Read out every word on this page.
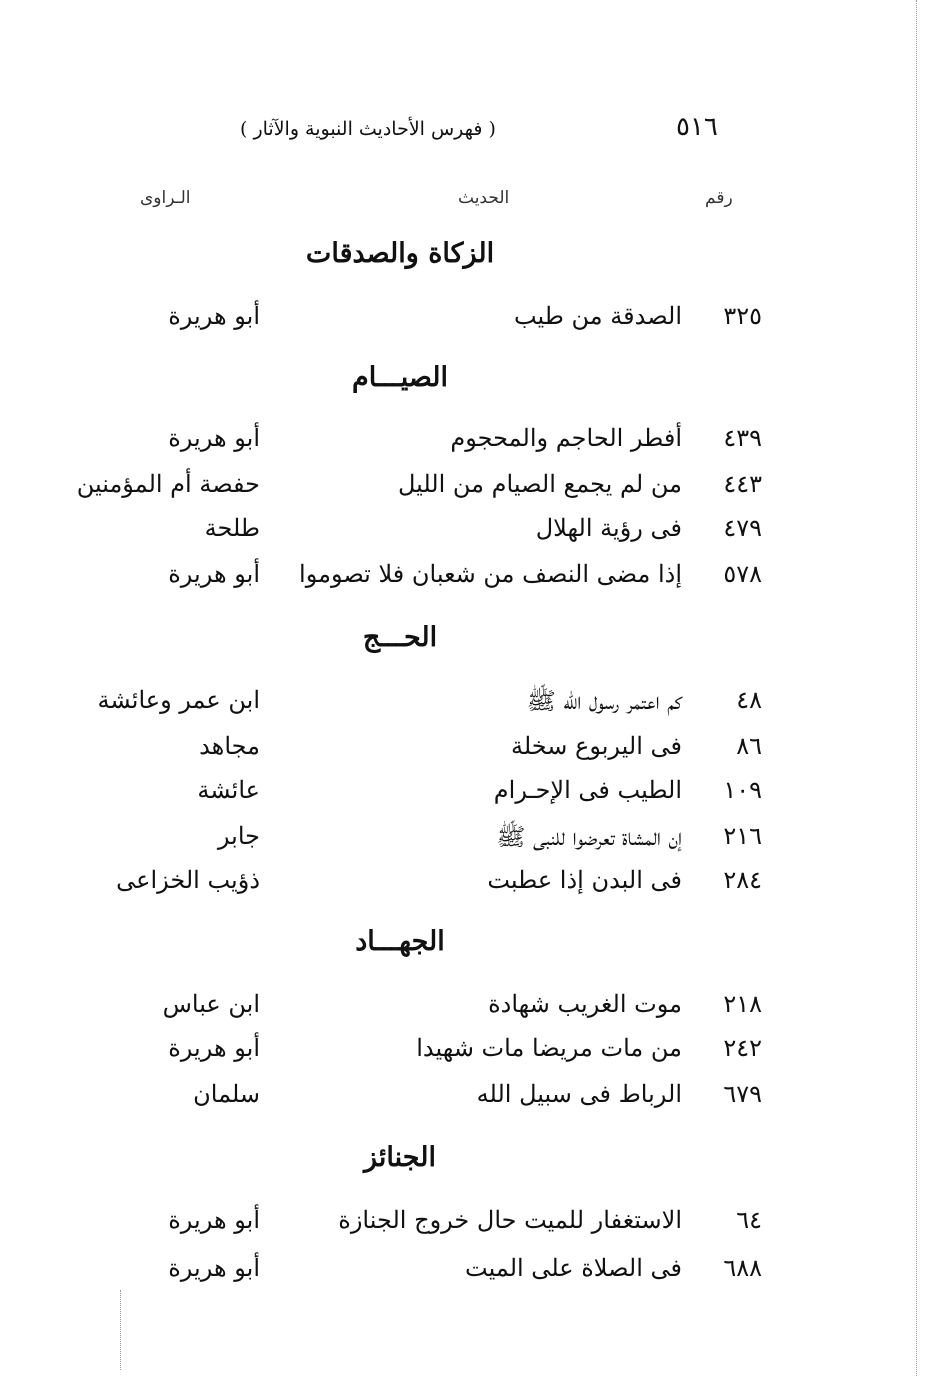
٥١٦
( فهرس الأحاديث النبوية والآثار )
رقم
الحديث
الـراوى
الزكاة والصدقات
٣٢٥
الصدقة من طيب
أبو هريرة
الصيـــام
٤٣٩
أفطر الحاجم والمحجوم
أبو هريرة
٤٤٣
من لم يجمع الصيام من الليل
حفصة أم المؤمنين
٤٧٩
فى رؤية الهلال
طلحة
٥٧٨
إذا مضى النصف من شعبان فلا تصوموا
أبو هريرة
الحـــج
٤٨
كم اعتمر رسول الله ﷺ
ابن عمر وعائشة
٨٦
فى اليربوع سخلة
مجاهد
١٠٩
الطيب فى الإحـرام
عائشة
٢١٦
إن المشاة تعرضوا للنبى ﷺ
جابر
٢٨٤
فى البدن إذا عطبت
ذؤيب الخزاعى
الجهـــاد
٢١٨
موت الغريب شهادة
ابن عباس
٢٤٢
من مات مريضا مات شهيدا
أبو هريرة
٦٧٩
الرباط فى سبيل الله
سلمان
الجنائز
٦٤
الاستغفار للميت حال خروج الجنازة
أبو هريرة
٦٨٨
فى الصلاة على الميت
أبو هريرة
